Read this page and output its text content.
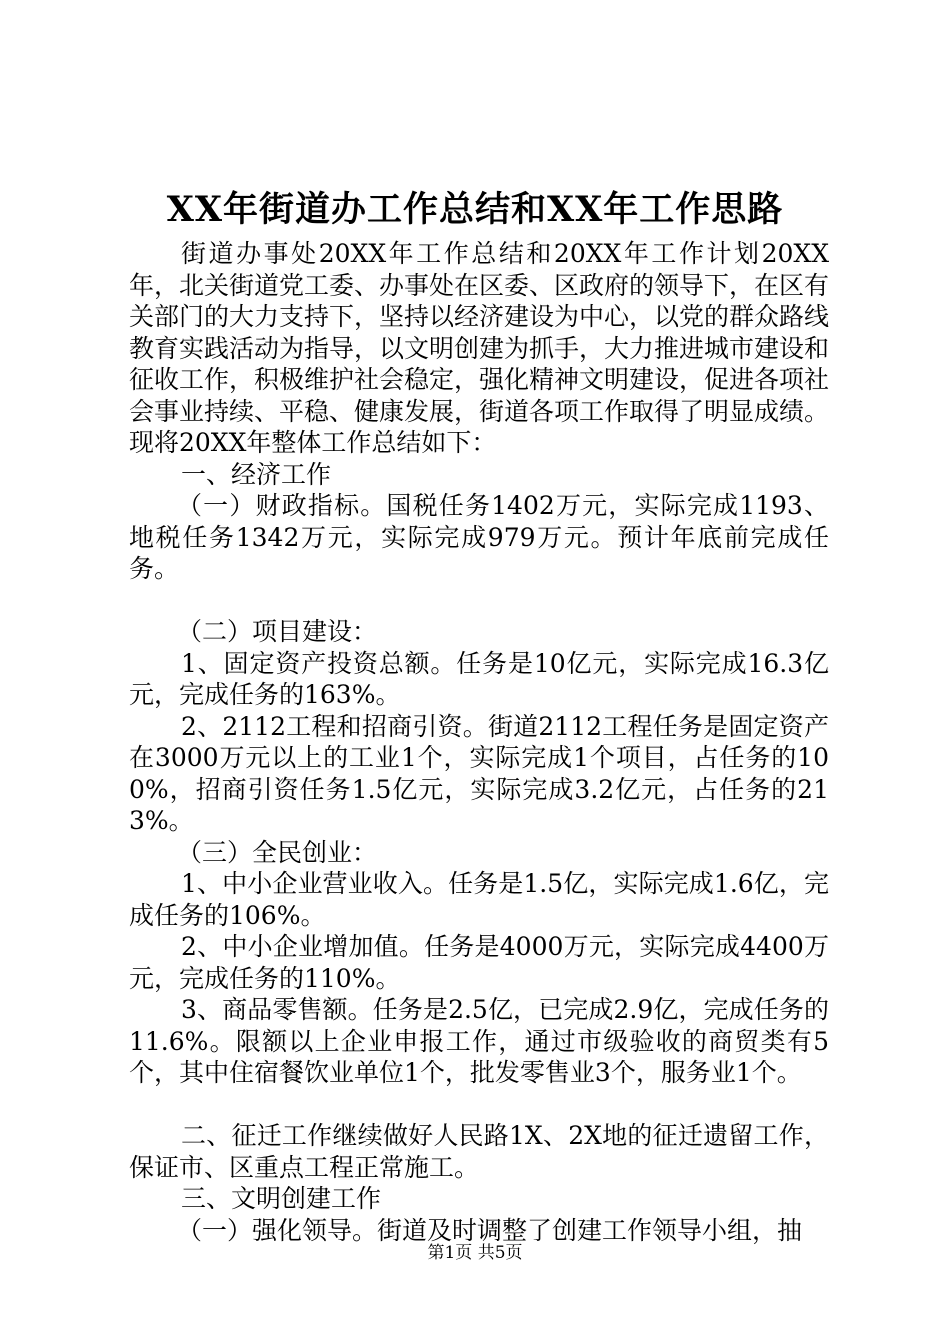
XX年街道办工作总结和XX年工作思路

街道办事处20XX年工作总结和20XX年工作计划20XX年，北关街道党工委、办事处在区委、区政府的领导下，在区有关部门的大力支持下，坚持以经济建设为中心，以党的群众路线教育实践活动为指导，以文明创建为抓手，大力推进城市建设和征收工作，积极维护社会稳定，强化精神文明建设，促进各项社会事业持续、平稳、健康发展，街道各项工作取得了明显成绩。现将20XX年整体工作总结如下：

一、经济工作

（一）财政指标。国税任务1402万元，实际完成1193、地税任务1342万元，实际完成979万元。预计年底前完成任务。

（二）项目建设：

1、固定资产投资总额。任务是10亿元，实际完成16.3亿元，完成任务的163%。

2、2112工程和招商引资。街道2112工程任务是固定资产在3000万元以上的工业1个，实际完成1个项目，占任务的100%，招商引资任务1.5亿元，实际完成3.2亿元，占任务的213%。

（三）全民创业：

1、中小企业营业收入。任务是1.5亿，实际完成1.6亿，完成任务的106%。

2、中小企业增加值。任务是4000万元，实际完成4400万元，完成任务的110%。

3、商品零售额。任务是2.5亿，已完成2.9亿，完成任务的11.6%。限额以上企业申报工作，通过市级验收的商贸类有5个，其中住宿餐饮业单位1个，批发零售业3个，服务业1个。

二、征迁工作继续做好人民路1X、2X地的征迁遗留工作，保证市、区重点工程正常施工。

三、文明创建工作

（一）强化领导。街道及时调整了创建工作领导小组，抽

第1页 共5页
